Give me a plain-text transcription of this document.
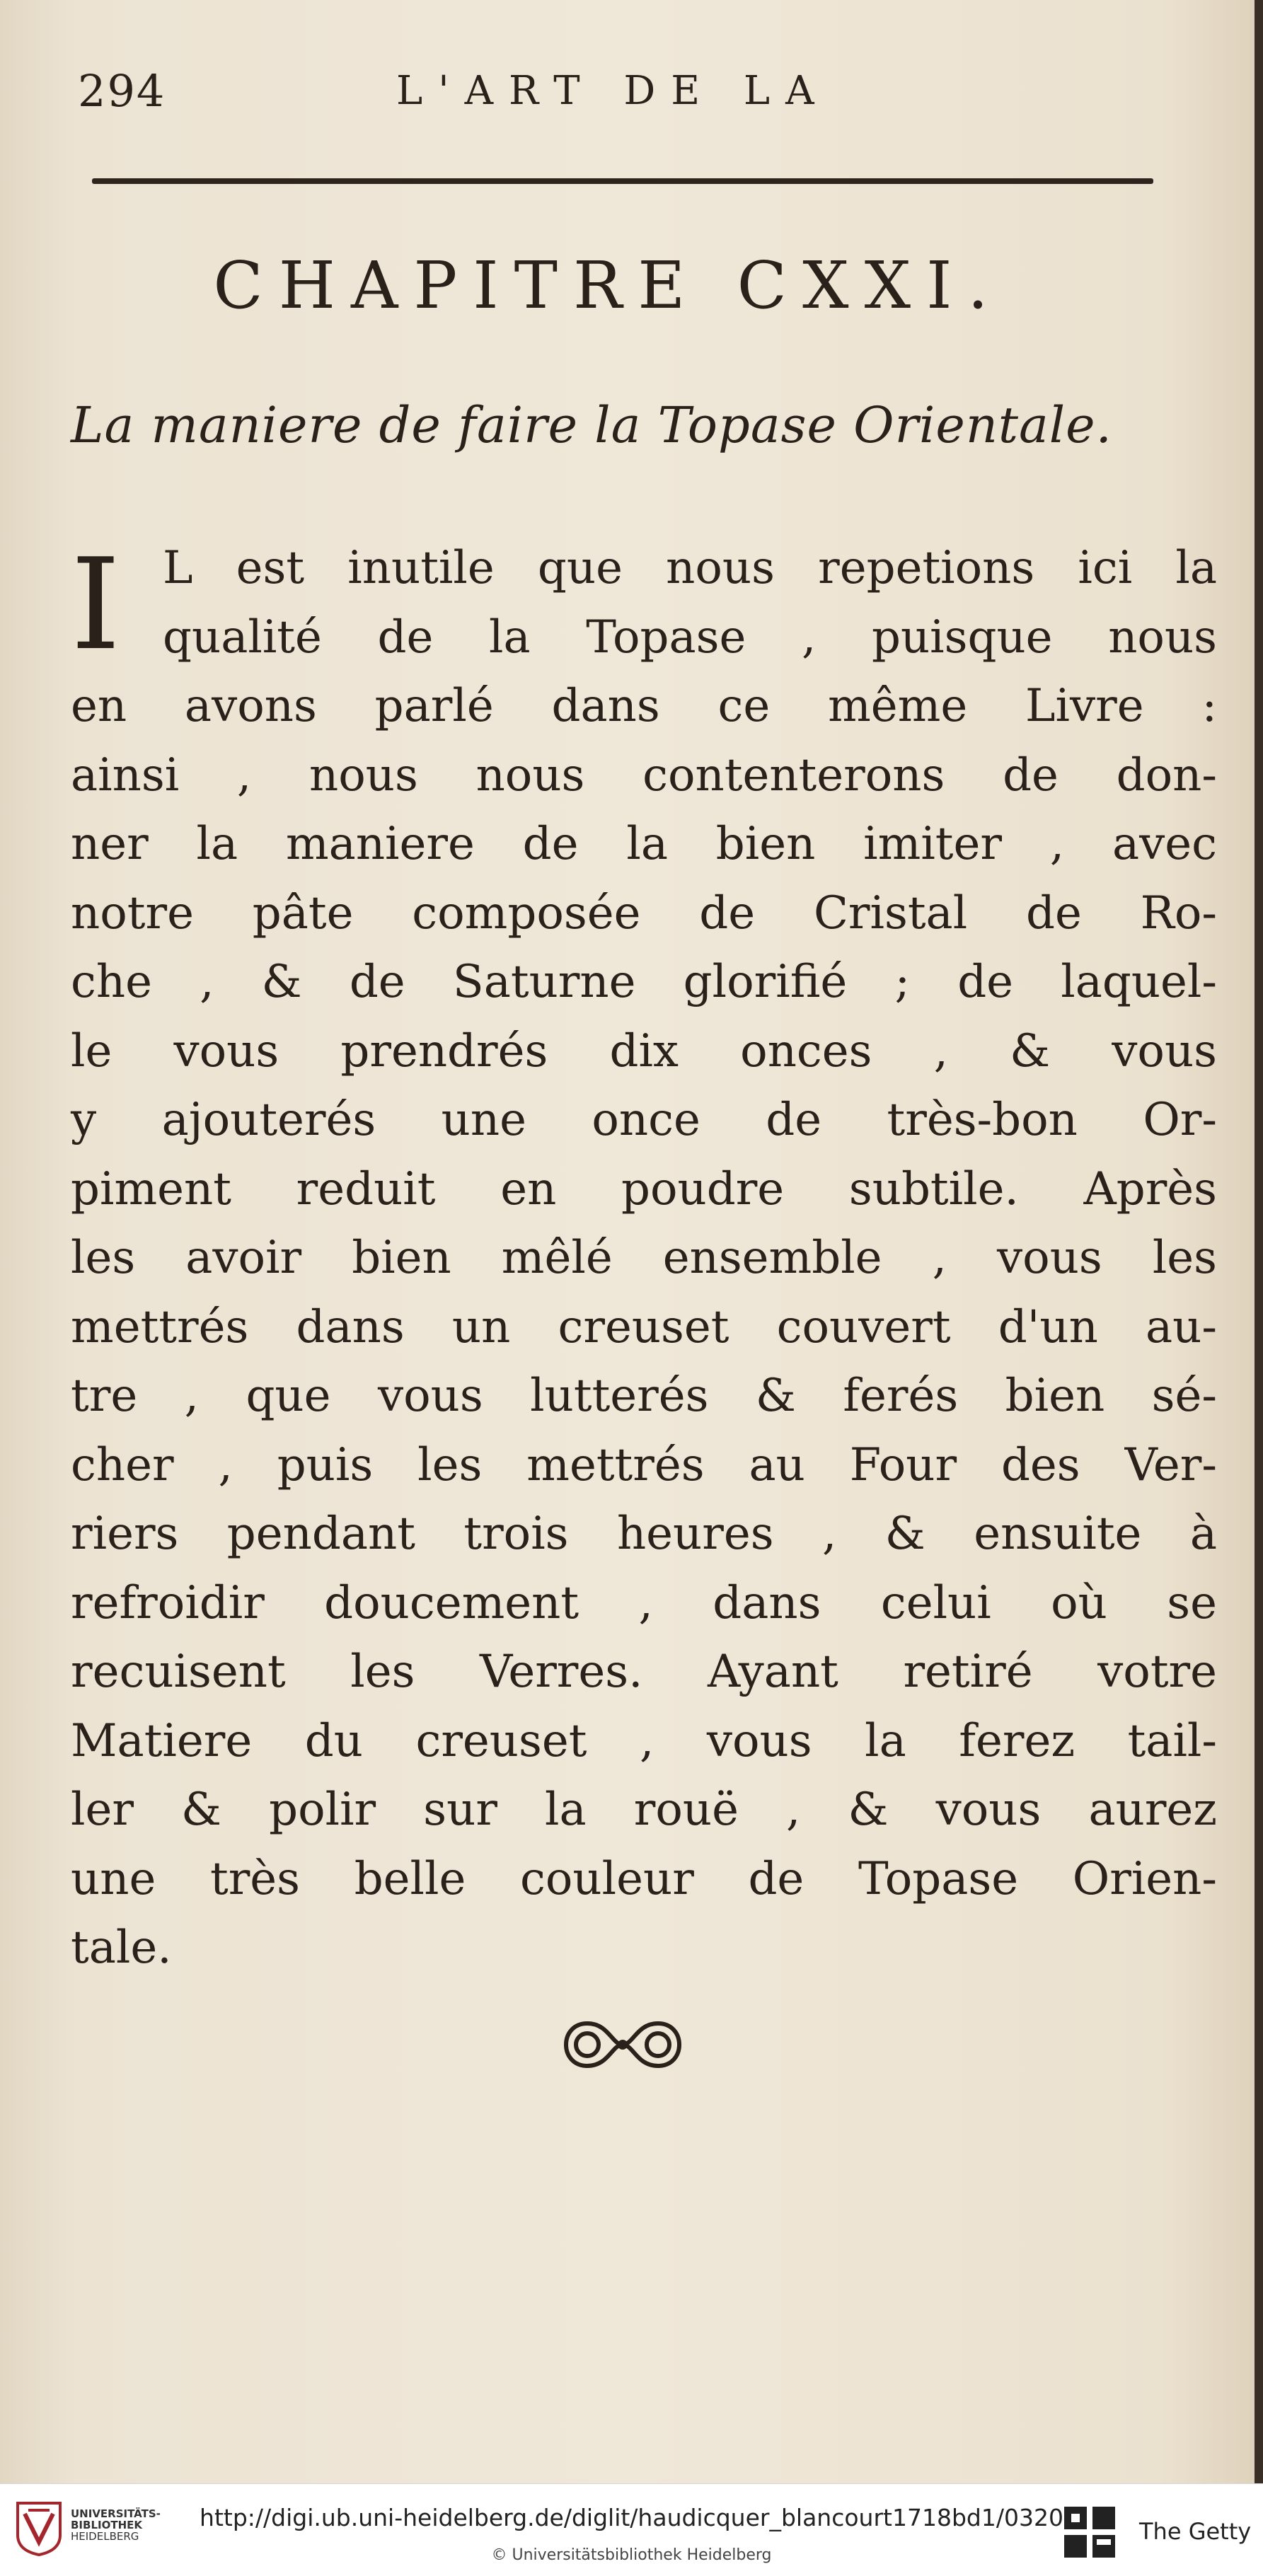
294	L'ART DE LA
CHAPITRE CXXI.
La maniere de faire la Topase Orientale.
I L est inutile que nous repetions ici la
qualité de la Topase , puisque nous
en avons parlé dans ce même Livre :
ainsi , nous nous contenterons de don-
ner la maniere de la bien imiter , avec
notre pâte composée de Cristal de Ro-
che , & de Saturne glorifié ; de laquel-
le vous prendrés dix onces , & vous
y ajouterés une once de très-bon Or-
piment reduit en poudre subtile. Après
les avoir bien mêlé ensemble , vous les
mettrés dans un creuset couvert d'un au-
tre , que vous lutterés & ferés bien sé-
cher , puis les mettrés au Four des Ver-
riers pendant trois heures , & ensuite à
refroidir doucement , dans celui où se
recuisent les Verres. Ayant retiré votre
Matiere du creuset , vous la ferez tail-
ler & polir sur la rouë , & vous aurez
une très belle couleur de Topase Orien-
tale.
UNIVERSITÄTS-
BIBLIOTHEK
HEIDELBERG
http://digi.ub.uni-heidelberg.de/diglit/haudicquer_blancourt1718bd1/0320
© Universitätsbibliothek Heidelberg
The Getty
